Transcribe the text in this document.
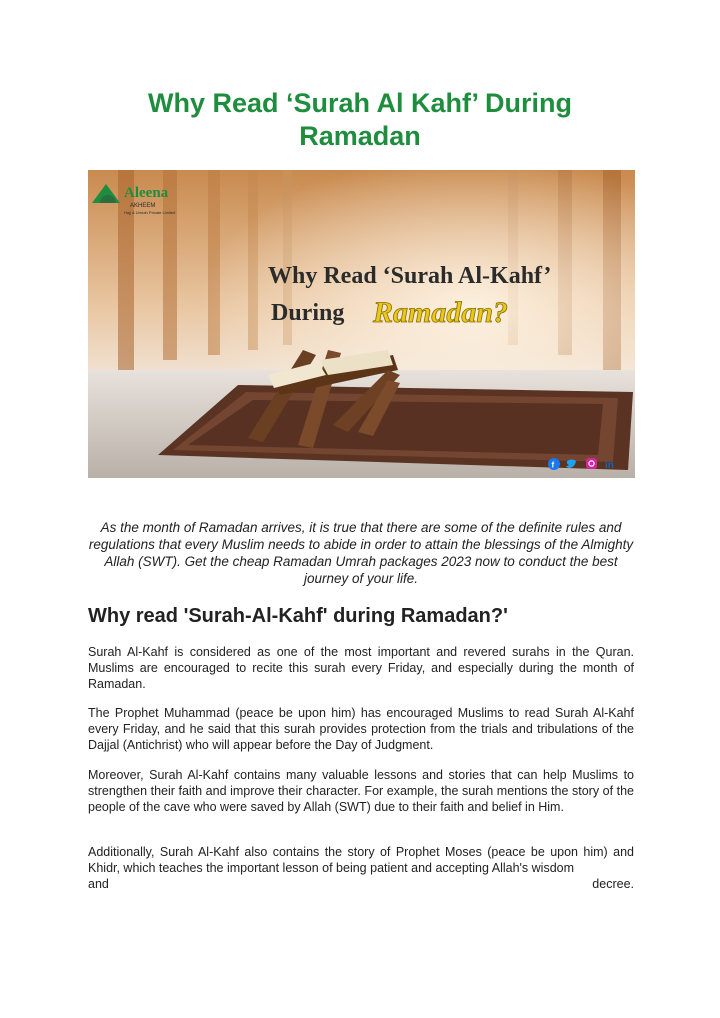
Why Read ‘Surah Al Kahf’ During Ramadan
Why Read ‘Surah Al-Kahf’
During Ramadan?
Aleena
AKHEEM
Hajj & Umrah Private Limited
f	in

As the month of Ramadan arrives, it is true that there are some of the definite rules and regulations that every Muslim needs to abide in order to attain the blessings of the Almighty Allah (SWT). Get the cheap Ramadan Umrah packages 2023 now to conduct the best journey of your life.

Why read 'Surah-Al-Kahf' during Ramadan?'

Surah Al-Kahf is considered as one of the most important and revered surahs in the Quran. Muslims are encouraged to recite this surah every Friday, and especially during the month of Ramadan.

The Prophet Muhammad (peace be upon him) has encouraged Muslims to read Surah Al-Kahf every Friday, and he said that this surah provides protection from the trials and tribulations of the Dajjal (Antichrist) who will appear before the Day of Judgment.

Moreover, Surah Al-Kahf contains many valuable lessons and stories that can help Muslims to strengthen their faith and improve their character. For example, the surah mentions the story of the people of the cave who were saved by Allah (SWT) due to their faith and belief in Him.

Additionally, Surah Al-Kahf also contains the story of Prophet Moses (peace be upon him) and Khidr, which teaches the important lesson of being patient and accepting Allah's wisdom
and	decree.
